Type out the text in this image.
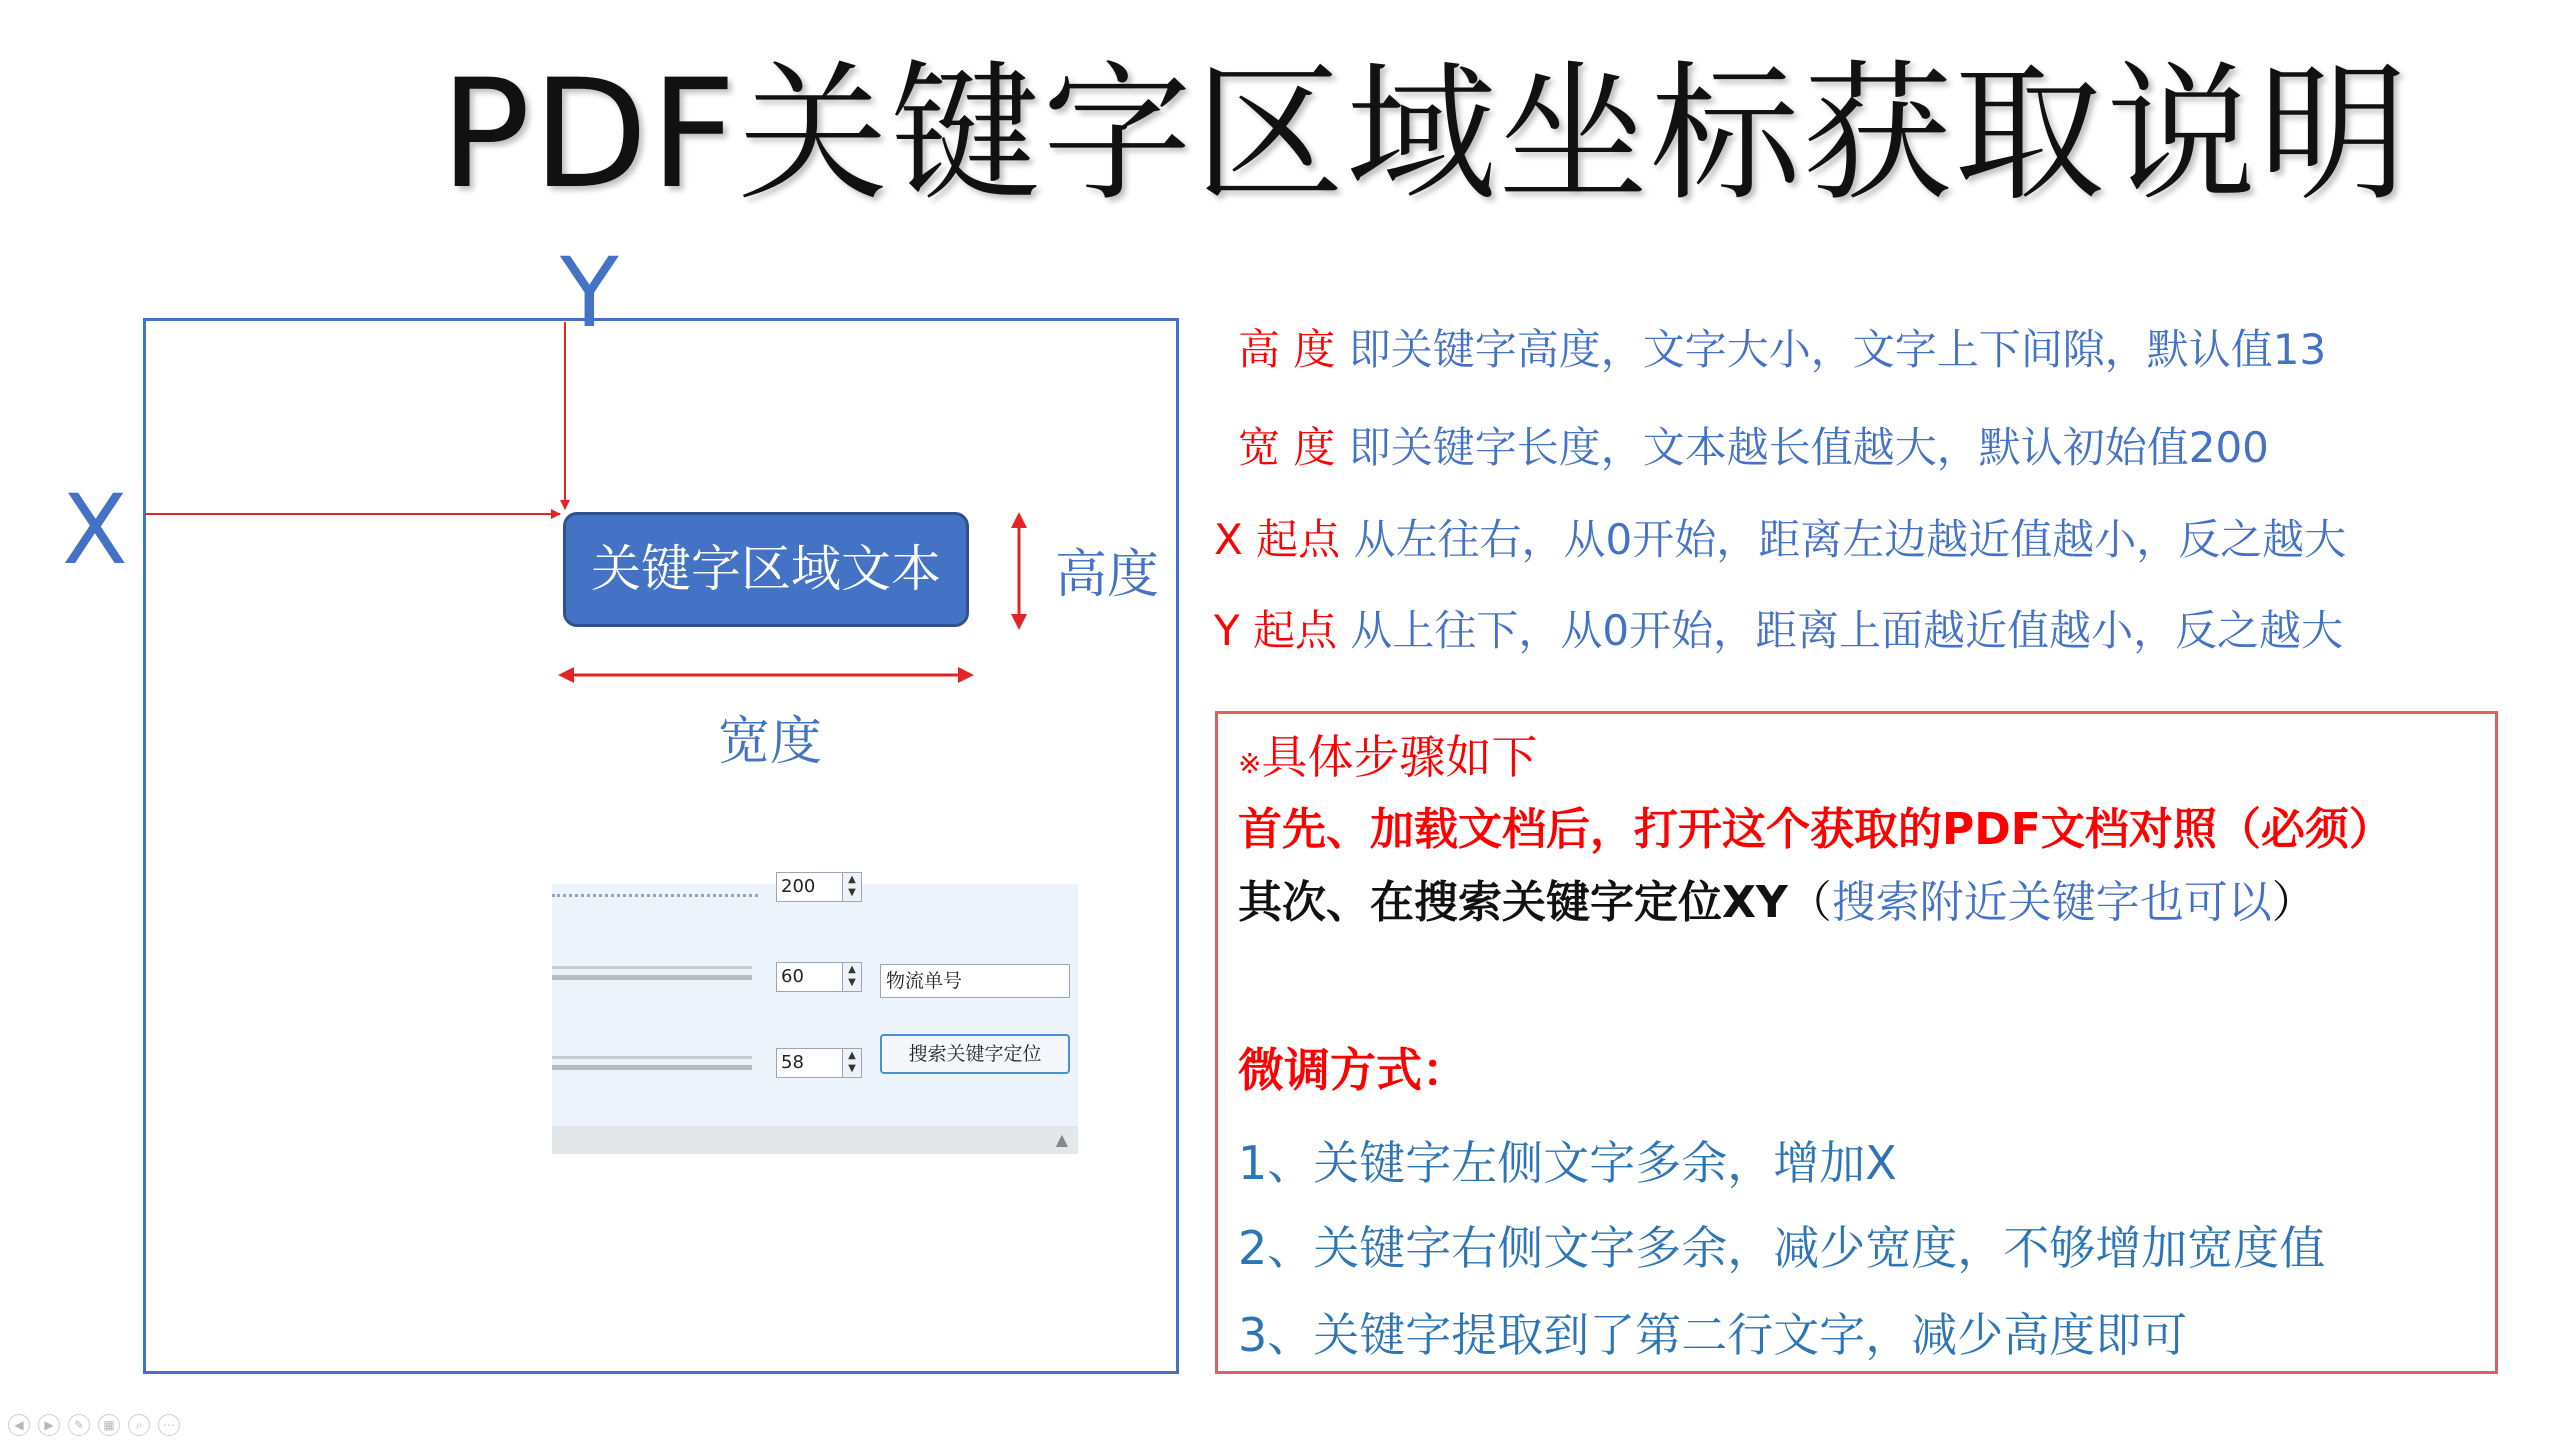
PDF关键字区域坐标获取说明
Y
X	关键字区域文本	高度
宽度
200	▲
▼
60	▲
▼	物流单号
58	▲
▼
搜索关键字定位
▲
高 度 即关键字高度，文字大小，文字上下间隙，默认值13
宽 度 即关键字长度，文本越长值越大，默认初始值200
X 起点 从左往右，从0开始，距离左边越近值越小，反之越大
Y 起点 从上往下，从0开始，距离上面越近值越小，反之越大
※具体步骤如下
首先、加载文档后，打开这个获取的PDF文档对照（必须）
其次、在搜索关键字定位XY（搜索附近关键字也可以）
微调方式：
1、关键字左侧文字多余，增加X
2、关键字右侧文字多余，减少宽度，不够增加宽度值
3、关键字提取到了第二行文字，减少高度即可
◀ ▶ ✎ ▦ ⌕ ⋯
